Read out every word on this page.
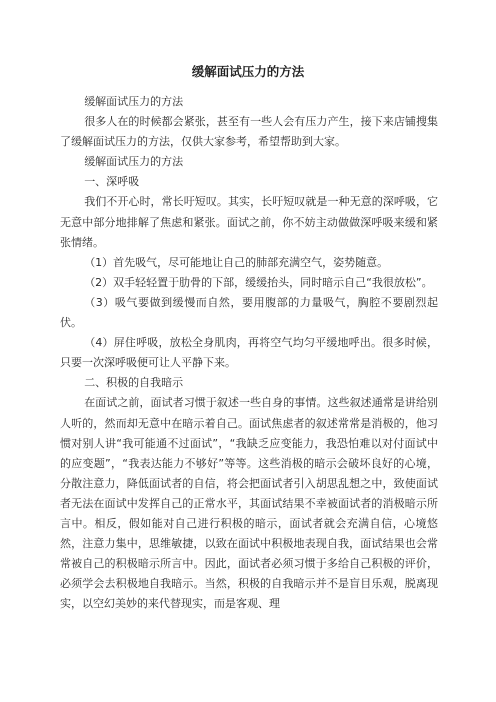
缓解面试压力的方法

缓解面试压力的方法

很多人在的时候都会紧张，甚至有一些人会有压力产生，接下来店铺搜集了缓解面试压力的方法，仅供大家参考，希望帮助到大家。

缓解面试压力的方法

一、深呼吸

我们不开心时，常长吁短叹。其实，长吁短叹就是一种无意的深呼吸，它无意中部分地排解了焦虑和紧张。面试之前，你不妨主动做做深呼吸来缓和紧张情绪。

（1）首先吸气，尽可能地让自己的肺部充满空气，姿势随意。

（2）双手轻轻置于肋骨的下部，缓缓抬头，同时暗示自己“我很放松”。

（3）吸气要做到缓慢而自然，要用腹部的力量吸气，胸腔不要剧烈起伏。

（4）屏住呼吸，放松全身肌肉，再将空气均匀平缓地呼出。很多时候，只要一次深呼吸便可让人平静下来。

二、积极的自我暗示

在面试之前，面试者习惯于叙述一些自身的事情。这些叙述通常是讲给别人听的，然而却无意中在暗示着自己。面试焦虑者的叙述常常是消极的，他习惯对别人讲“我可能通不过面试”，“我缺乏应变能力，我恐怕难以对付面试中的应变题”，“我表达能力不够好”等等。这些消极的暗示会破坏良好的心境，分散注意力，降低面试者的自信，将会把面试者引入胡思乱想之中，致使面试者无法在面试中发挥自己的正常水平，其面试结果不幸被面试者的消极暗示所言中。相反，假如能对自己进行积极的暗示，面试者就会充满自信，心境悠然，注意力集中，思维敏捷，以致在面试中积极地表现自我，面试结果也会常常被自己的积极暗示所言中。因此，面试者必须习惯于多给自己积极的评价，必须学会去积极地自我暗示。当然，积极的自我暗示并不是盲目乐观，脱离现实，以空幻美妙的来代替现实，而是客观、理
